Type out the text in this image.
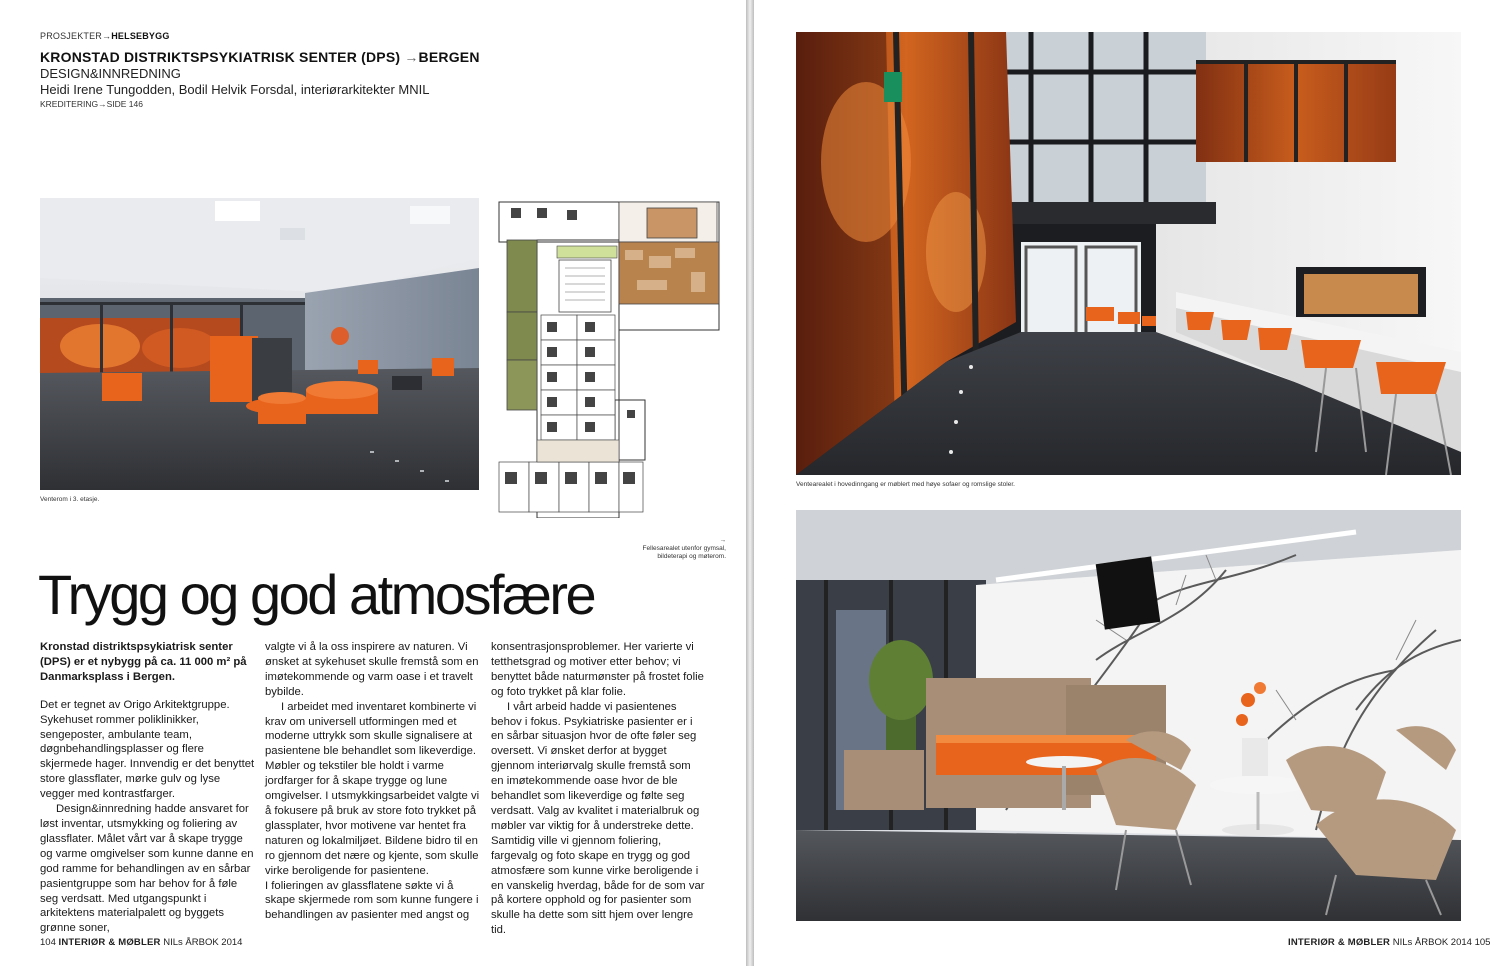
PROSJEKTER→HELSEBYGG
KRONSTAD DISTRIKTSPSYKIATRISK SENTER (DPS) →BERGEN
DESIGN&INNREDNING
Heidi Irene Tungodden, Bodil Helvik Forsdal, interiørarkitekter MNIL
KREDITERING→SIDE 146
Venterom i 3. etasje.
→
Fellesarealet utenfor gymsal,
bildeterapi og møterom.
Trygg og god atmosfære

Kronstad distriktspsykiatrisk senter (DPS) er et nybygg på ca. 11 000 m² på Danmarksplass i Bergen.

Det er tegnet av Origo Arkitektgruppe. Sykehuset rommer poliklinikker, sengeposter, ambulante team, døgnbehandlingsplasser og flere skjermede hager. Innvendig er det benyttet store glassflater, mørke gulv og lyse vegger med kontrastfarger.

Design&innredning hadde ansvaret for løst inventar, utsmykking og foliering av glassflater. Målet vårt var å skape trygge og varme omgivelser som kunne danne en god ramme for behandlingen av en sårbar pasientgruppe som har behov for å føle seg verdsatt. Med utgangspunkt i arkitektens materialpalett og byggets grønne soner,

valgte vi å la oss inspirere av naturen. Vi ønsket at sykehuset skulle fremstå som en imøtekommende og varm oase i et travelt bybilde.

I arbeidet med inventaret kombinerte vi krav om universell utformingen med et moderne uttrykk som skulle signalisere at pasientene ble behandlet som likeverdige. Møbler og tekstiler ble holdt i varme jordfarger for å skape trygge og lune omgivelser. I utsmykkingsarbeidet valgte vi å fokusere på bruk av store foto trykket på glassplater, hvor motivene var hentet fra naturen og lokalmiljøet. Bildene bidro til en ro gjennom det nære og kjente, som skulle virke beroligende for pasientene.

I folieringen av glassflatene søkte vi å skape skjermede rom som kunne fungere i behandlingen av pasienter med angst og

konsentrasjonsproblemer. Her varierte vi tetthetsgrad og motiver etter behov; vi benyttet både naturmønster på frostet folie og foto trykket på klar folie.

I vårt arbeid hadde vi pasientenes behov i fokus. Psykiatriske pasienter er i en sårbar situasjon hvor de ofte føler seg oversett. Vi ønsket derfor at bygget gjennom interiørvalg skulle fremstå som en imøtekommende oase hvor de ble behandlet som likeverdige og følte seg verdsatt. Valg av kvalitet i materialbruk og møbler var viktig for å understreke dette. Samtidig ville vi gjennom foliering, fargevalg og foto skape en trygg og god atmosfære som kunne virke beroligende i en vanskelig hverdag, både for de som var på kortere opphold og for pasienter som skulle ha dette som sitt hjem over lengre tid.

104 INTERIØR & MØBLER NILs ÅRBOK 2014
Ventearealet i hovedinngang er møblert med høye sofaer og romslige stoler.
INTERIØR & MØBLER NILs ÅRBOK 2014 105
